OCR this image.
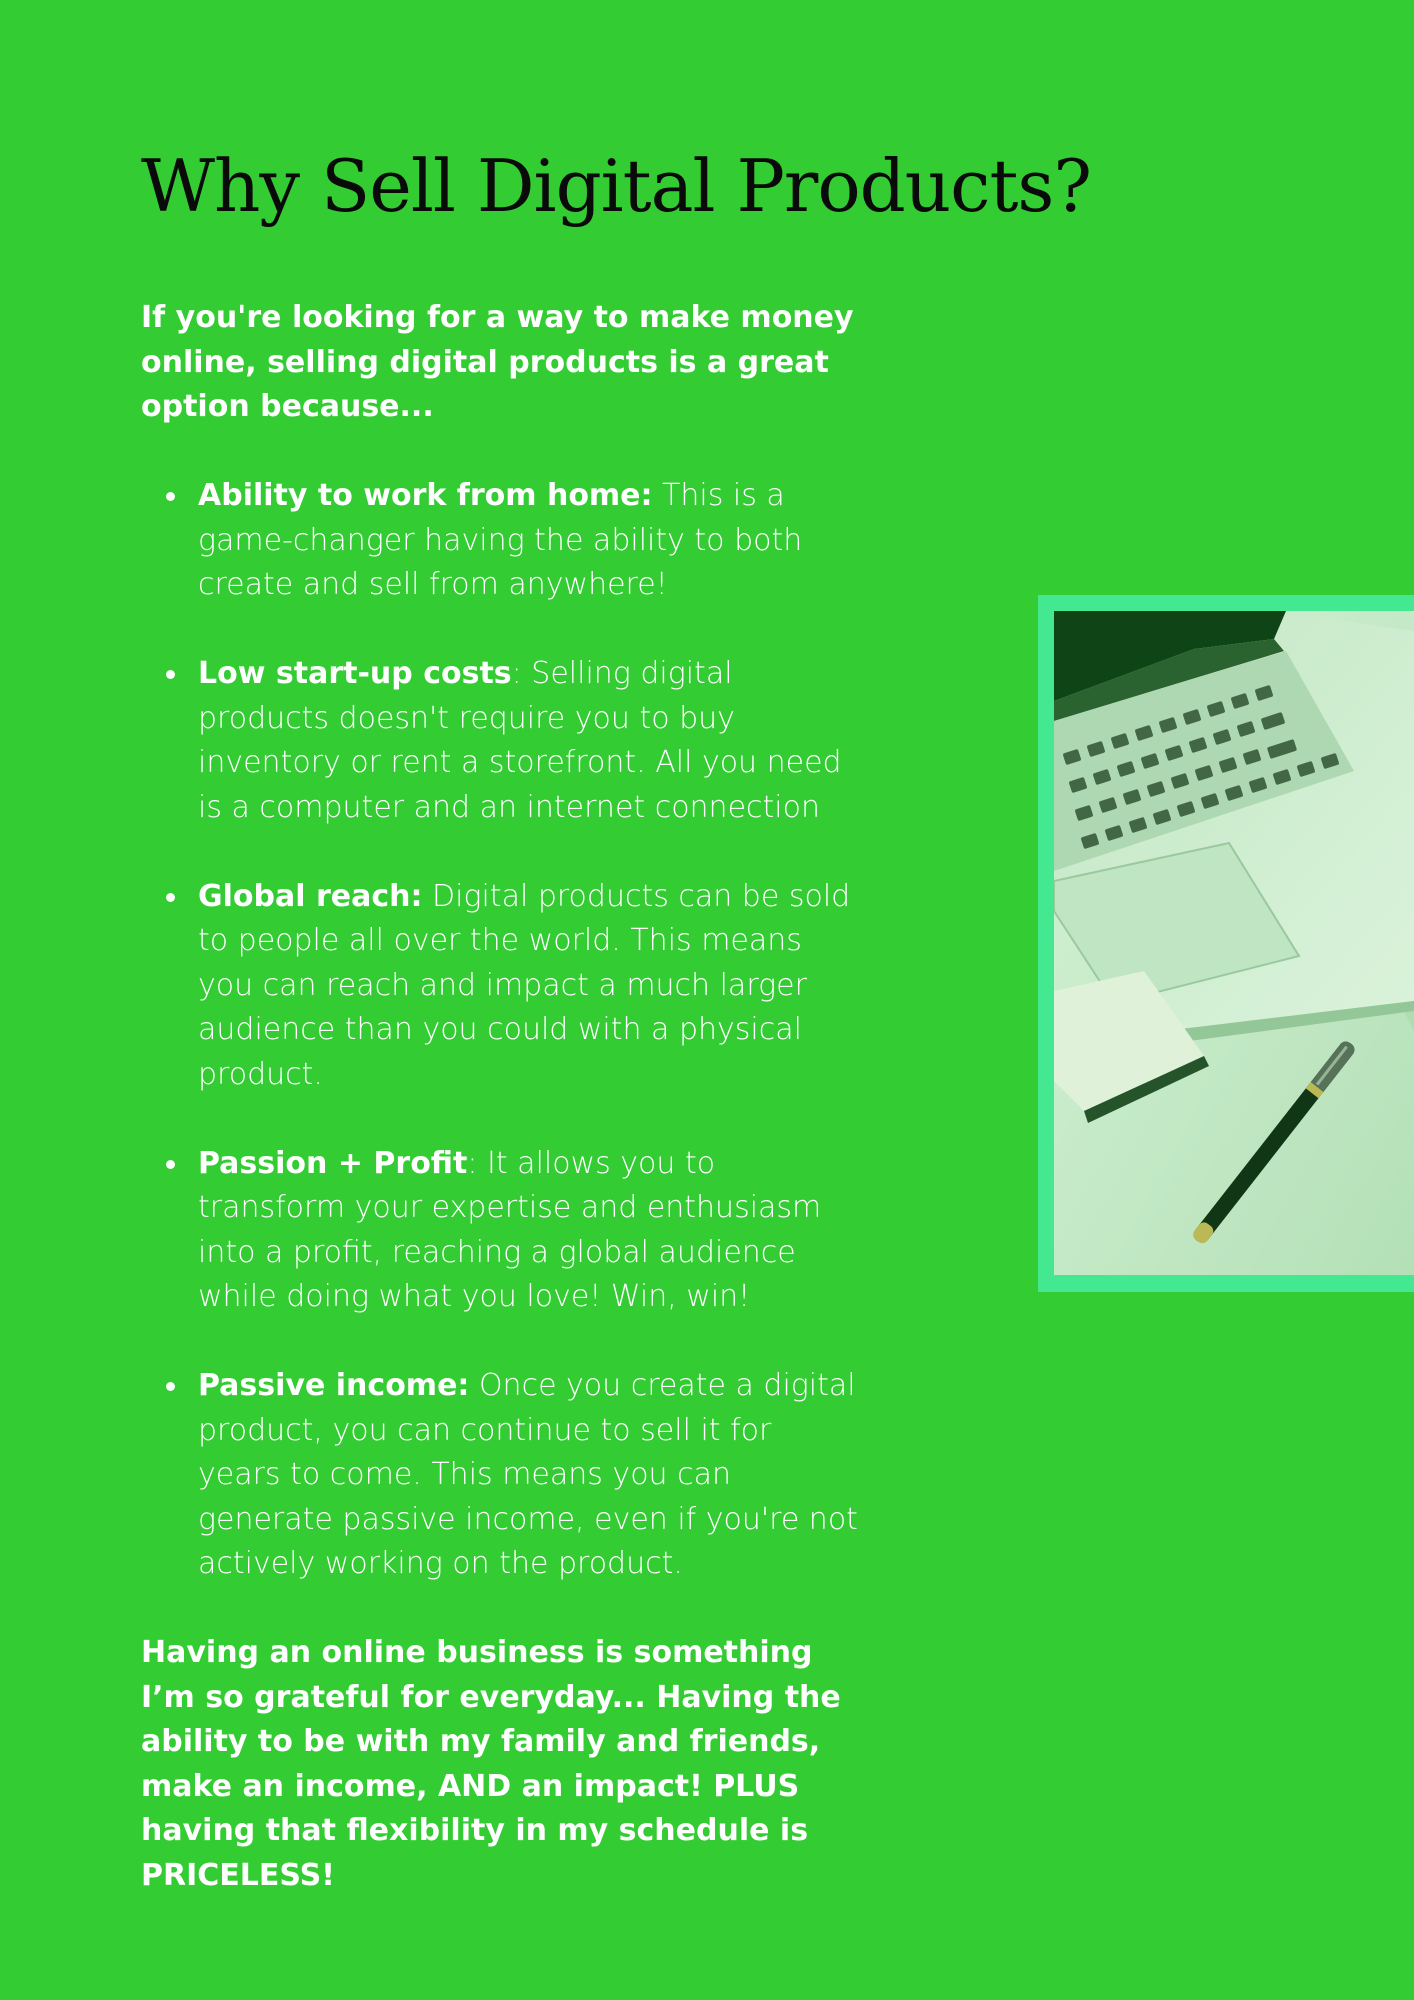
Why Sell Digital Products?

If you're looking for a way to make money online, selling digital products is a great option because...

Ability to work from home: This is a game-changer having the ability to both create and sell from anywhere!
Low start-up costs: Selling digital products doesn't require you to buy inventory or rent a storefront. All you need is a computer and an internet connection
Global reach: Digital products can be sold to people all over the world. This means you can reach and impact a much larger audience than you could with a physical product.
Passion + Profit: It allows you to transform your expertise and enthusiasm into a profit, reaching a global audience while doing what you love! Win, win!
Passive income: Once you create a digital product, you can continue to sell it for years to come. This means you can generate passive income, even if you're not actively working on the product.

Having an online business is something I’m so grateful for everyday... Having the ability to be with my family and friends, make an income, AND an impact! PLUS having that flexibility in my schedule is PRICELESS!
